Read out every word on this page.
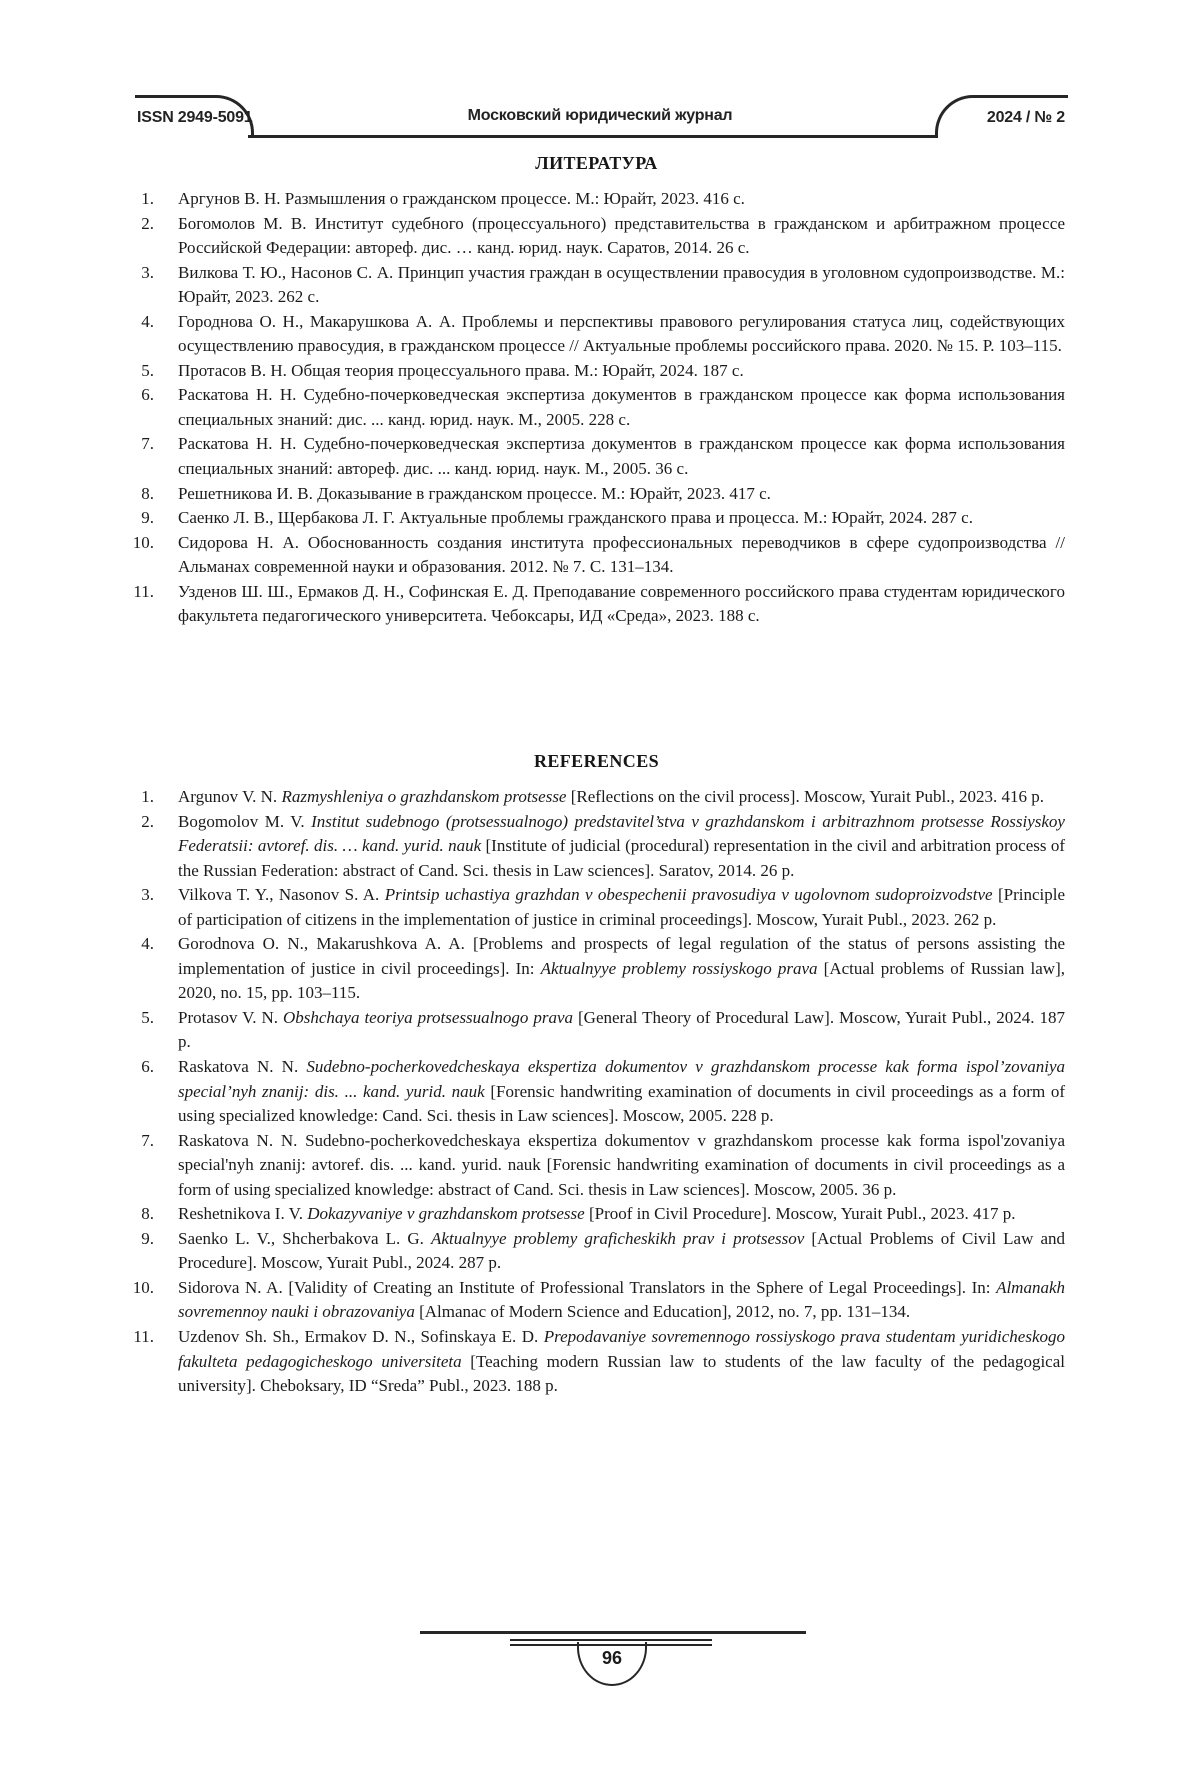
ISSN 2949-5091	Московский юридический журнал	2024 / № 2
ЛИТЕРАТУРА
1. Аргунов В. Н. Размышления о гражданском процессе. М.: Юрайт, 2023. 416 с.
2. Богомолов М. В. Институт судебного (процессуального) представительства в гражданском и арбитражном процессе Российской Федерации: автореф. дис. … канд. юрид. наук. Саратов, 2014. 26 с.
3. Вилкова Т. Ю., Насонов С. А. Принцип участия граждан в осуществлении правосудия в уголовном судопроизводстве. М.: Юрайт, 2023. 262 с.
4. Городнова О. Н., Макарушкова А. А. Проблемы и перспективы правового регулирования статуса лиц, содействующих осуществлению правосудия, в гражданском процессе // Актуальные проблемы российского права. 2020. № 15. P. 103–115.
5. Протасов В. Н. Общая теория процессуального права. М.: Юрайт, 2024. 187 с.
6. Раскатова Н. Н. Судебно-почерковедческая экспертиза документов в гражданском процессе как форма использования специальных знаний: дис. ... канд. юрид. наук. М., 2005. 228 с.
7. Раскатова Н. Н. Судебно-почерковедческая экспертиза документов в гражданском процессе как форма использования специальных знаний: автореф. дис. ... канд. юрид. наук. М., 2005. 36 с.
8. Решетникова И. В. Доказывание в гражданском процессе. М.: Юрайт, 2023. 417 с.
9. Саенко Л. В., Щербакова Л. Г. Актуальные проблемы гражданского права и процесса. М.: Юрайт, 2024. 287 с.
10. Сидорова Н. А. Обоснованность создания института профессиональных переводчиков в сфере судопроизводства // Альманах современной науки и образования. 2012. № 7. С. 131–134.
11. Узденов Ш. Ш., Ермаков Д. Н., Софинская Е. Д. Преподавание современного российского права студентам юридического факультета педагогического университета. Чебоксары, ИД «Среда», 2023. 188 с.
REFERENCES
1. Argunov V. N. Razmyshleniya o grazhdanskom protsesse [Reflections on the civil process]. Moscow, Yurait Publ., 2023. 416 p.
2. Bogomolov M. V. Institut sudebnogo (protsessualnogo) predstavitel’stva v grazhdanskom i arbitrazhnom protsesse Rossiyskoy Federatsii: avtoref. dis. … kand. yurid. nauk [Institute of judicial (procedural) representation in the civil and arbitration process of the Russian Federation: abstract of Cand. Sci. thesis in Law sciences]. Saratov, 2014. 26 p.
3. Vilkova T. Y., Nasonov S. A. Printsip uchastiya grazhdan v obespechenii pravosudiya v ugolovnom sudoproizvodstve [Principle of participation of citizens in the implementation of justice in criminal proceedings]. Moscow, Yurait Publ., 2023. 262 p.
4. Gorodnova O. N., Makarushkova A. A. [Problems and prospects of legal regulation of the status of persons assisting the implementation of justice in civil proceedings]. In: Aktualnyye problemy rossiyskogo prava [Actual problems of Russian law], 2020, no. 15, pp. 103–115.
5. Protasov V. N. Obshchaya teoriya protsessualnogo prava [General Theory of Procedural Law]. Moscow, Yurait Publ., 2024. 187 p.
6. Raskatova N. N. Sudebno-pocherkovedcheskaya ekspertiza dokumentov v grazhdanskom processe kak forma ispol’zovaniya special’nyh znanij: dis. ... kand. yurid. nauk [Forensic handwriting examination of documents in civil proceedings as a form of using specialized knowledge: Cand. Sci. thesis in Law sciences]. Moscow, 2005. 228 p.
7. Raskatova N. N. Sudebno-pocherkovedcheskaya ekspertiza dokumentov v grazhdanskom processe kak forma ispol'zovaniya special'nyh znanij: avtoref. dis. ... kand. yurid. nauk [Forensic handwriting examination of documents in civil proceedings as a form of using specialized knowledge: abstract of Cand. Sci. thesis in Law sciences]. Moscow, 2005. 36 p.
8. Reshetnikova I. V. Dokazyvaniye v grazhdanskom protsesse [Proof in Civil Procedure]. Moscow, Yurait Publ., 2023. 417 p.
9. Saenko L. V., Shcherbakova L. G. Aktualnyye problemy graficheskikh prav i protsessov [Actual Problems of Civil Law and Procedure]. Moscow, Yurait Publ., 2024. 287 p.
10. Sidorova N. A. [Validity of Creating an Institute of Professional Translators in the Sphere of Legal Proceedings]. In: Almanakh sovremennoy nauki i obrazovaniya [Almanac of Modern Science and Education], 2012, no. 7, pp. 131–134.
11. Uzdenov Sh. Sh., Ermakov D. N., Sofinskaya E. D. Prepodavaniye sovremennogo rossiyskogo prava studentam yuridicheskogo fakulteta pedagogicheskogo universiteta [Teaching modern Russian law to students of the law faculty of the pedagogical university]. Cheboksary, ID “Sreda” Publ., 2023. 188 p.
96
